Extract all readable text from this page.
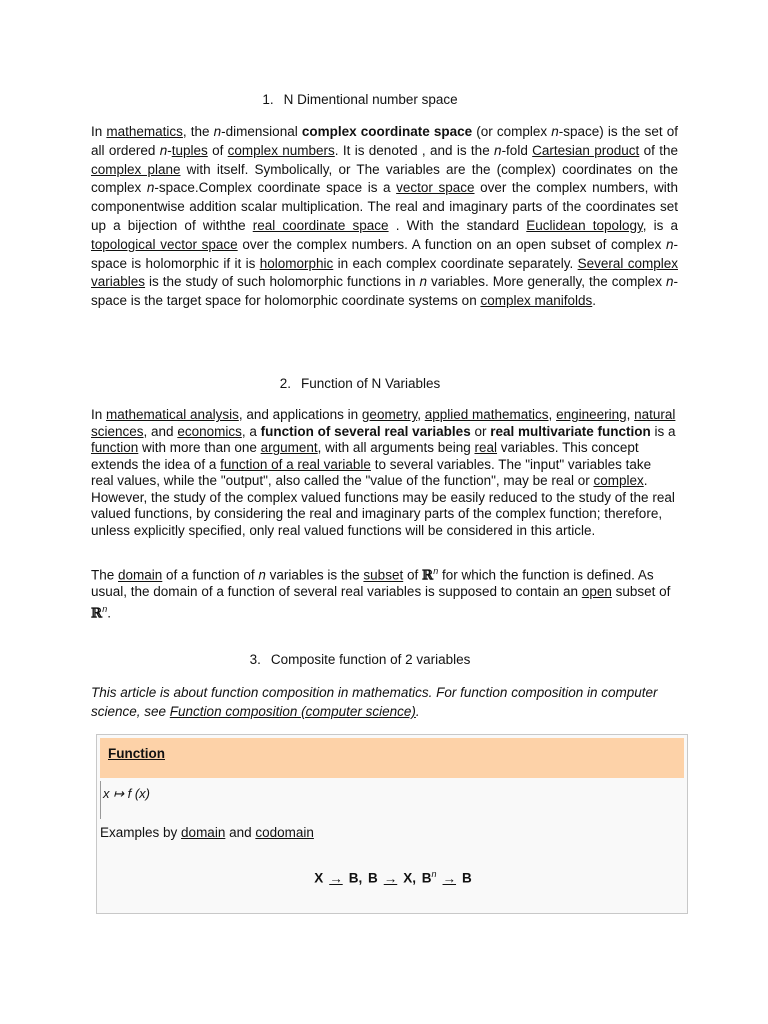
1. N Dimentional number space
In mathematics, the n-dimensional complex coordinate space (or complex n-space) is the set of all ordered n-tuples of complex numbers. It is denoted , and is the n-fold Cartesian product of the complex plane with itself. Symbolically, or The variables are the (complex) coordinates on the complex n-space.Complex coordinate space is a vector space over the complex numbers, with componentwise addition scalar multiplication. The real and imaginary parts of the coordinates set up a bijection of withthe real coordinate space . With the standard Euclidean topology, is a topological vector space over the complex numbers. A function on an open subset of complex n-space is holomorphic if it is holomorphic in each complex coordinate separately. Several complex variables is the study of such holomorphic functions in n variables. More generally, the complex n-space is the target space for holomorphic coordinate systems on complex manifolds.
2. Function of N Variables
In mathematical analysis, and applications in geometry, applied mathematics, engineering, natural sciences, and economics, a function of several real variables or real multivariate function is a function with more than one argument, with all arguments being real variables. This concept extends the idea of a function of a real variable to several variables. The "input" variables take real values, while the "output", also called the "value of the function", may be real or complex. However, the study of the complex valued functions may be easily reduced to the study of the real valued functions, by considering the real and imaginary parts of the complex function; therefore, unless explicitly specified, only real valued functions will be considered in this article.
The domain of a function of n variables is the subset of ℝ$^n$ for which the function is defined. As usual, the domain of a function of several real variables is supposed to contain an open subset of ℝ$^n$.
3. Composite function of 2 variables
This article is about function composition in mathematics. For function composition in computer science, see Function composition (computer science).
Function
x ↦ f (x)
Examples by domain and codomain
X → B, B → X, $B^n \to B$
